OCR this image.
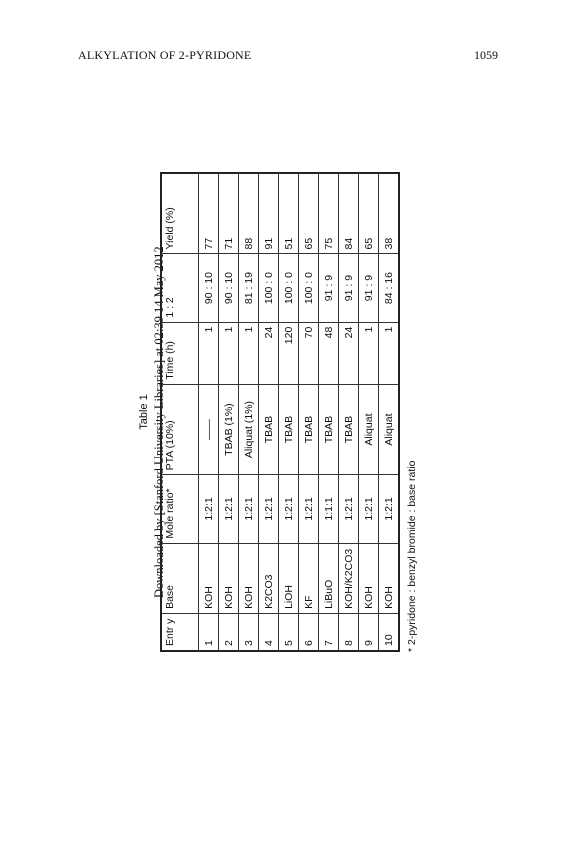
ALKYLATION OF 2-PYRIDONE	1059
Downloaded by [Stanford University Libraries] at 02:39 14 May 2012
Table 1
Entr y	Base	Mole ratio*	PTA (10%)	Time (h)	1 : 2	Yield (%)
1	KOH	1:2:1	——	1	90 : 10	77
2	KOH	1:2:1	TBAB (1%)	1	90 : 10	71
3	KOH	1:2:1	Aliquat (1%)	1	81 : 19	88
4	K2CO3	1:2:1	TBAB	24	100 : 0	91
5	LiOH	1:2:1	TBAB	120	100 : 0	51
6	KF	1:2:1	TBAB	70	100 : 0	65
7	LiBuO	1:1:1	TBAB	48	91 : 9	75
8	KOH/K2CO3	1:2:1	TBAB	24	91 : 9	84
9	KOH	1:2:1	Aliquat	1	91 : 9	65
10	KOH	1:2:1	Aliquat	1	84 : 16	38
* 2-pyridone : benzyl bromide : base ratio
